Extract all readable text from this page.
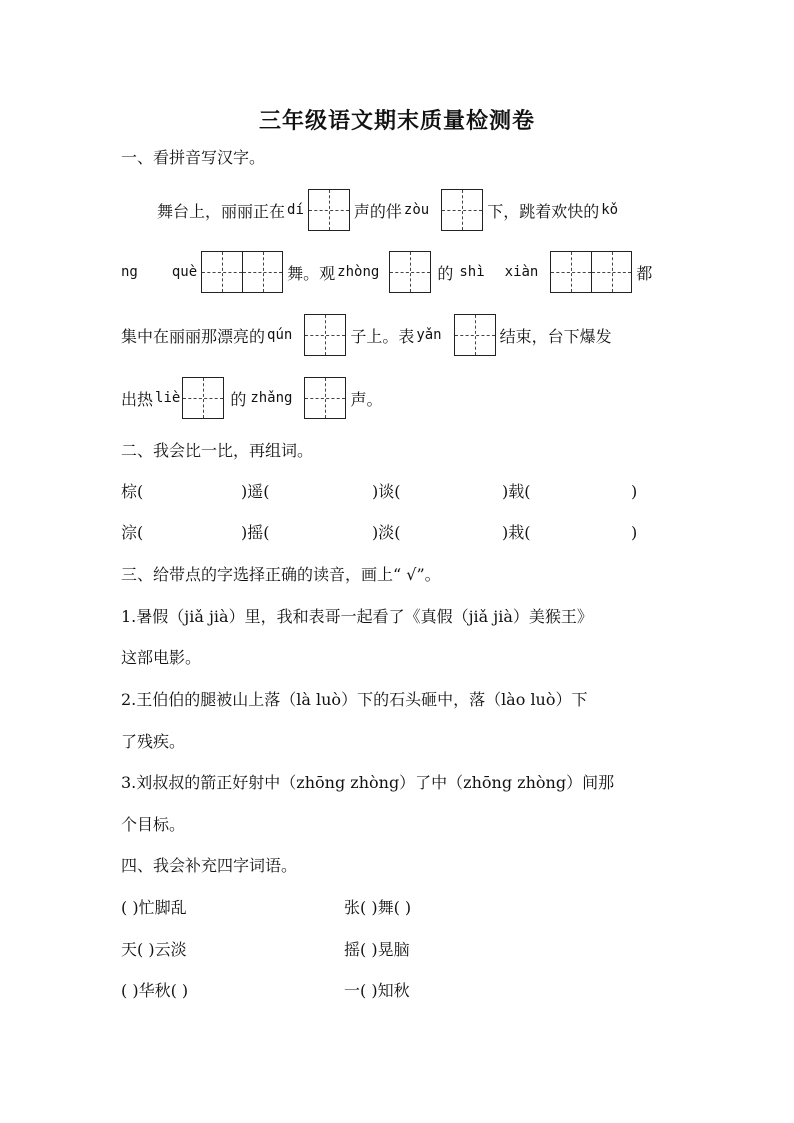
三年级语文期末质量检测卷
一、看拼音写汉字。
舞台上，丽丽正在 dí	声的伴 zòu	下，跳着欢快的 kǒ
ng què	舞。观 zhòng	的 shì xiàn	都
集中在丽丽那漂亮的 qún	子上。表 yǎn	结束，台下爆发
出热 liè	的 zhǎng	声。
二、我会比一比，再组词。
棕(	)遥(	)谈(	)载(	)
淙(	)摇(	)淡(	)栽(	)
三、给带点的字选择正确的读音，画上“ √”。
1.暑假（jiǎ jià）里，我和表哥一起看了《真假（jiǎ jià）美猴王》
这部电影。
2.王伯伯的腿被山上落（là luò）下的石头砸中，落（lào luò）下
了残疾。
3.刘叔叔的箭正好射中（zhōng zhòng）了中（zhōng zhòng）间那
个目标。
四、我会补充四字词语。
( )忙脚乱	张( )舞( )
天( )云淡	摇( )晃脑
( )华秋( )	一( )知秋
